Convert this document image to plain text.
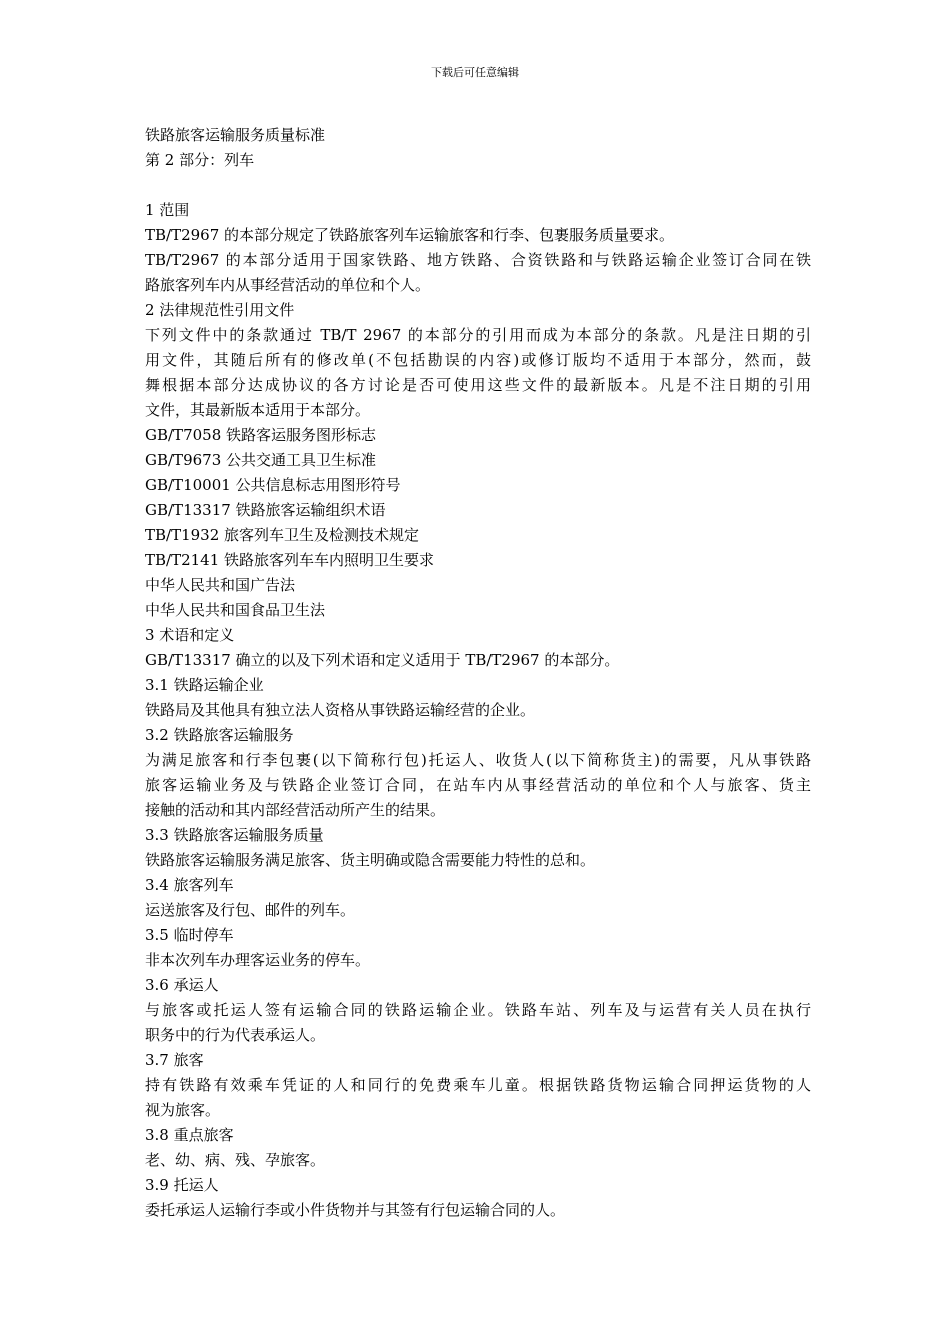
下载后可任意编辑
铁路旅客运输服务质量标准
第 2 部分：列车
1 范围
TB/T2967 的本部分规定了铁路旅客列车运输旅客和行李、包裹服务质量要求。
TB/T2967 的本部分适用于国家铁路、地方铁路、合资铁路和与铁路运输企业签订合同在铁
路旅客列车内从事经营活动的单位和个人。
2 法律规范性引用文件
下列文件中的条款通过 TB/T 2967 的本部分的引用而成为本部分的条款。凡是注日期的引
用文件，其随后所有的修改单(不包括勘误的内容)或修订版均不适用于本部分，然而，鼓
舞根据本部分达成协议的各方讨论是否可使用这些文件的最新版本。凡是不注日期的引用
文件，其最新版本适用于本部分。
GB/T7058 铁路客运服务图形标志
GB/T9673 公共交通工具卫生标准
GB/T10001 公共信息标志用图形符号
GB/T13317 铁路旅客运输组织术语
TB/T1932 旅客列车卫生及检测技术规定
TB/T2141 铁路旅客列车车内照明卫生要求
中华人民共和国广告法
中华人民共和国食品卫生法
3 术语和定义
GB/T13317 确立的以及下列术语和定义适用于 TB/T2967 的本部分。
3.1 铁路运输企业
铁路局及其他具有独立法人资格从事铁路运输经营的企业。
3.2 铁路旅客运输服务
为满足旅客和行李包裹(以下简称行包)托运人、收货人(以下简称货主)的需要，凡从事铁路
旅客运输业务及与铁路企业签订合同，在站车内从事经营活动的单位和个人与旅客、货主
接触的活动和其内部经营活动所产生的结果。
3.3 铁路旅客运输服务质量
铁路旅客运输服务满足旅客、货主明确或隐含需要能力特性的总和。
3.4 旅客列车
运送旅客及行包、邮件的列车。
3.5 临时停车
非本次列车办理客运业务的停车。
3.6 承运人
与旅客或托运人签有运输合同的铁路运输企业。铁路车站、列车及与运营有关人员在执行
职务中的行为代表承运人。
3.7 旅客
持有铁路有效乘车凭证的人和同行的免费乘车儿童。根据铁路货物运输合同押运货物的人
视为旅客。
3.8 重点旅客
老、幼、病、残、孕旅客。
3.9 托运人
委托承运人运输行李或小件货物并与其签有行包运输合同的人。
